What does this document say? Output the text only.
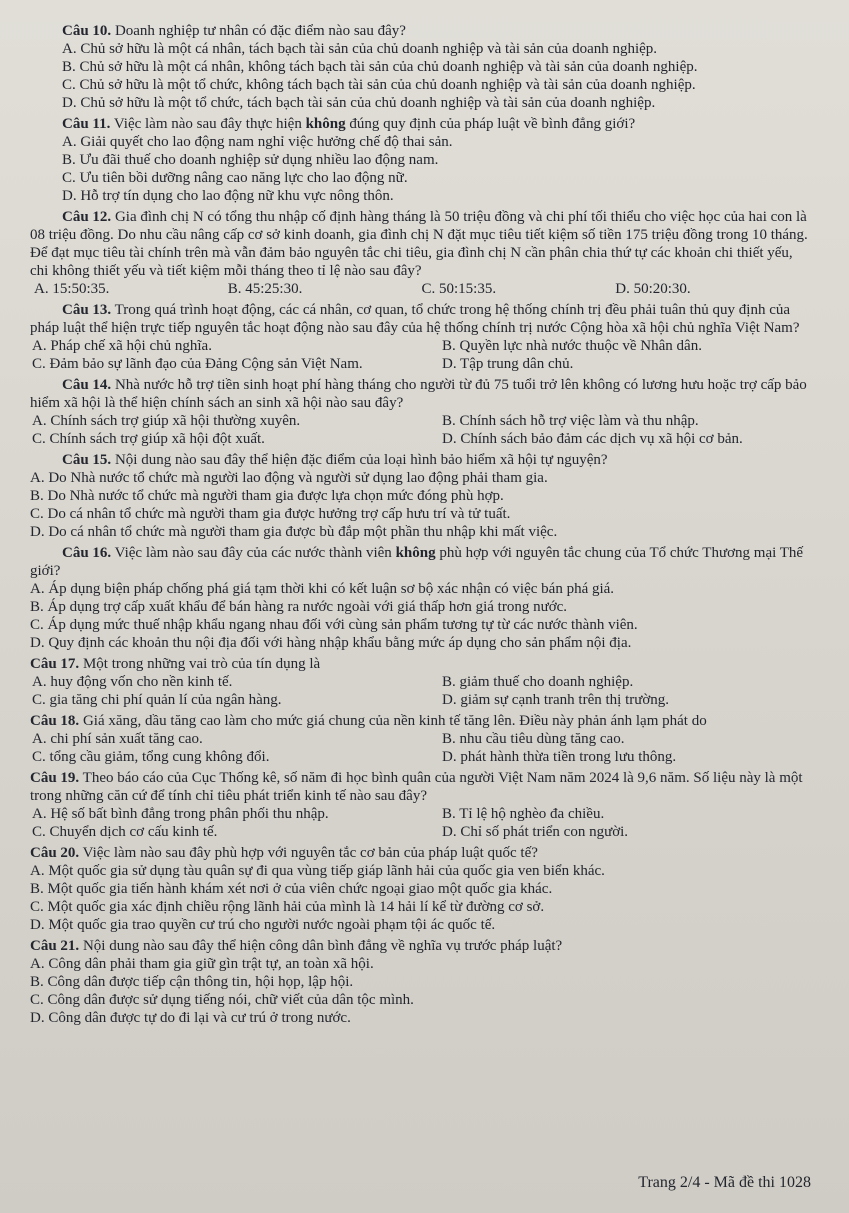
Câu 10. Doanh nghiệp tư nhân có đặc điểm nào sau đây?
A. Chủ sở hữu là một cá nhân, tách bạch tài sản của chủ doanh nghiệp và tài sản của doanh nghiệp.
B. Chủ sở hữu là một cá nhân, không tách bạch tài sản của chủ doanh nghiệp và tài sản của doanh nghiệp.
C. Chủ sở hữu là một tổ chức, không tách bạch tài sản của chủ doanh nghiệp và tài sản của doanh nghiệp.
D. Chủ sở hữu là một tổ chức, tách bạch tài sản của chủ doanh nghiệp và tài sản của doanh nghiệp.
Câu 11. Việc làm nào sau đây thực hiện không đúng quy định của pháp luật về bình đẳng giới?
A. Giải quyết cho lao động nam nghỉ việc hưởng chế độ thai sản.
B. Ưu đãi thuế cho doanh nghiệp sử dụng nhiều lao động nam.
C. Ưu tiên bồi dưỡng nâng cao năng lực cho lao động nữ.
D. Hỗ trợ tín dụng cho lao động nữ khu vực nông thôn.
Câu 12. Gia đình chị N có tổng thu nhập cố định hàng tháng là 50 triệu đồng và chi phí tối thiểu cho việc học của hai con là 08 triệu đồng. Do nhu cầu nâng cấp cơ sở kinh doanh, gia đình chị N đặt mục tiêu tiết kiệm số tiền 175 triệu đồng trong 10 tháng. Để đạt mục tiêu tài chính trên mà vẫn đảm bảo nguyên tắc chi tiêu, gia đình chị N cần phân chia thứ tự các khoản chi thiết yếu, chi không thiết yếu và tiết kiệm mỗi tháng theo tỉ lệ nào sau đây?
A. 15:50:35.	B. 45:25:30.	C. 50:15:35.	D. 50:20:30.
Câu 13. Trong quá trình hoạt động, các cá nhân, cơ quan, tổ chức trong hệ thống chính trị đều phải tuân thủ quy định của pháp luật thể hiện trực tiếp nguyên tắc hoạt động nào sau đây của hệ thống chính trị nước Cộng hòa xã hội chủ nghĩa Việt Nam?
A. Pháp chế xã hội chủ nghĩa.	B. Quyền lực nhà nước thuộc về Nhân dân.
C. Đảm bảo sự lãnh đạo của Đảng Cộng sản Việt Nam.	D. Tập trung dân chủ.
Câu 14. Nhà nước hỗ trợ tiền sinh hoạt phí hàng tháng cho người từ đủ 75 tuổi trở lên không có lương hưu hoặc trợ cấp bảo hiểm xã hội là thể hiện chính sách an sinh xã hội nào sau đây?
A. Chính sách trợ giúp xã hội thường xuyên.	B. Chính sách hỗ trợ việc làm và thu nhập.
C. Chính sách trợ giúp xã hội đột xuất.	D. Chính sách bảo đảm các dịch vụ xã hội cơ bản.
Câu 15. Nội dung nào sau đây thể hiện đặc điểm của loại hình bảo hiểm xã hội tự nguyện?
A. Do Nhà nước tổ chức mà người lao động và người sử dụng lao động phải tham gia.
B. Do Nhà nước tổ chức mà người tham gia được lựa chọn mức đóng phù hợp.
C. Do cá nhân tổ chức mà người tham gia được hưởng trợ cấp hưu trí và tử tuất.
D. Do cá nhân tổ chức mà người tham gia được bù đắp một phần thu nhập khi mất việc.
Câu 16. Việc làm nào sau đây của các nước thành viên không phù hợp với nguyên tắc chung của Tổ chức Thương mại Thế giới?
A. Áp dụng biện pháp chống phá giá tạm thời khi có kết luận sơ bộ xác nhận có việc bán phá giá.
B. Áp dụng trợ cấp xuất khẩu để bán hàng ra nước ngoài với giá thấp hơn giá trong nước.
C. Áp dụng mức thuế nhập khẩu ngang nhau đối với cùng sản phẩm tương tự từ các nước thành viên.
D. Quy định các khoản thu nội địa đối với hàng nhập khẩu bằng mức áp dụng cho sản phẩm nội địa.
Câu 17. Một trong những vai trò của tín dụng là
A. huy động vốn cho nền kinh tế.	B. giảm thuế cho doanh nghiệp.
C. gia tăng chi phí quản lí của ngân hàng.	D. giảm sự cạnh tranh trên thị trường.
Câu 18. Giá xăng, dầu tăng cao làm cho mức giá chung của nền kinh tế tăng lên. Điều này phản ánh lạm phát do
A. chi phí sản xuất tăng cao.	B. nhu cầu tiêu dùng tăng cao.
C. tổng cầu giảm, tổng cung không đổi.	D. phát hành thừa tiền trong lưu thông.
Câu 19. Theo báo cáo của Cục Thống kê, số năm đi học bình quân của người Việt Nam năm 2024 là 9,6 năm. Số liệu này là một trong những căn cứ để tính chỉ tiêu phát triển kinh tế nào sau đây?
A. Hệ số bất bình đẳng trong phân phối thu nhập.	B. Tỉ lệ hộ nghèo đa chiều.
C. Chuyển dịch cơ cấu kinh tế.	D. Chỉ số phát triển con người.
Câu 20. Việc làm nào sau đây phù hợp với nguyên tắc cơ bản của pháp luật quốc tế?
A. Một quốc gia sử dụng tàu quân sự đi qua vùng tiếp giáp lãnh hải của quốc gia ven biển khác.
B. Một quốc gia tiến hành khám xét nơi ở của viên chức ngoại giao một quốc gia khác.
C. Một quốc gia xác định chiều rộng lãnh hải của mình là 14 hải lí kể từ đường cơ sở.
D. Một quốc gia trao quyền cư trú cho người nước ngoài phạm tội ác quốc tế.
Câu 21. Nội dung nào sau đây thể hiện công dân bình đẳng về nghĩa vụ trước pháp luật?
A. Công dân phải tham gia giữ gìn trật tự, an toàn xã hội.
B. Công dân được tiếp cận thông tin, hội họp, lập hội.
C. Công dân được sử dụng tiếng nói, chữ viết của dân tộc mình.
D. Công dân được tự do đi lại và cư trú ở trong nước.
Trang 2/4 - Mã đề thi 1028
